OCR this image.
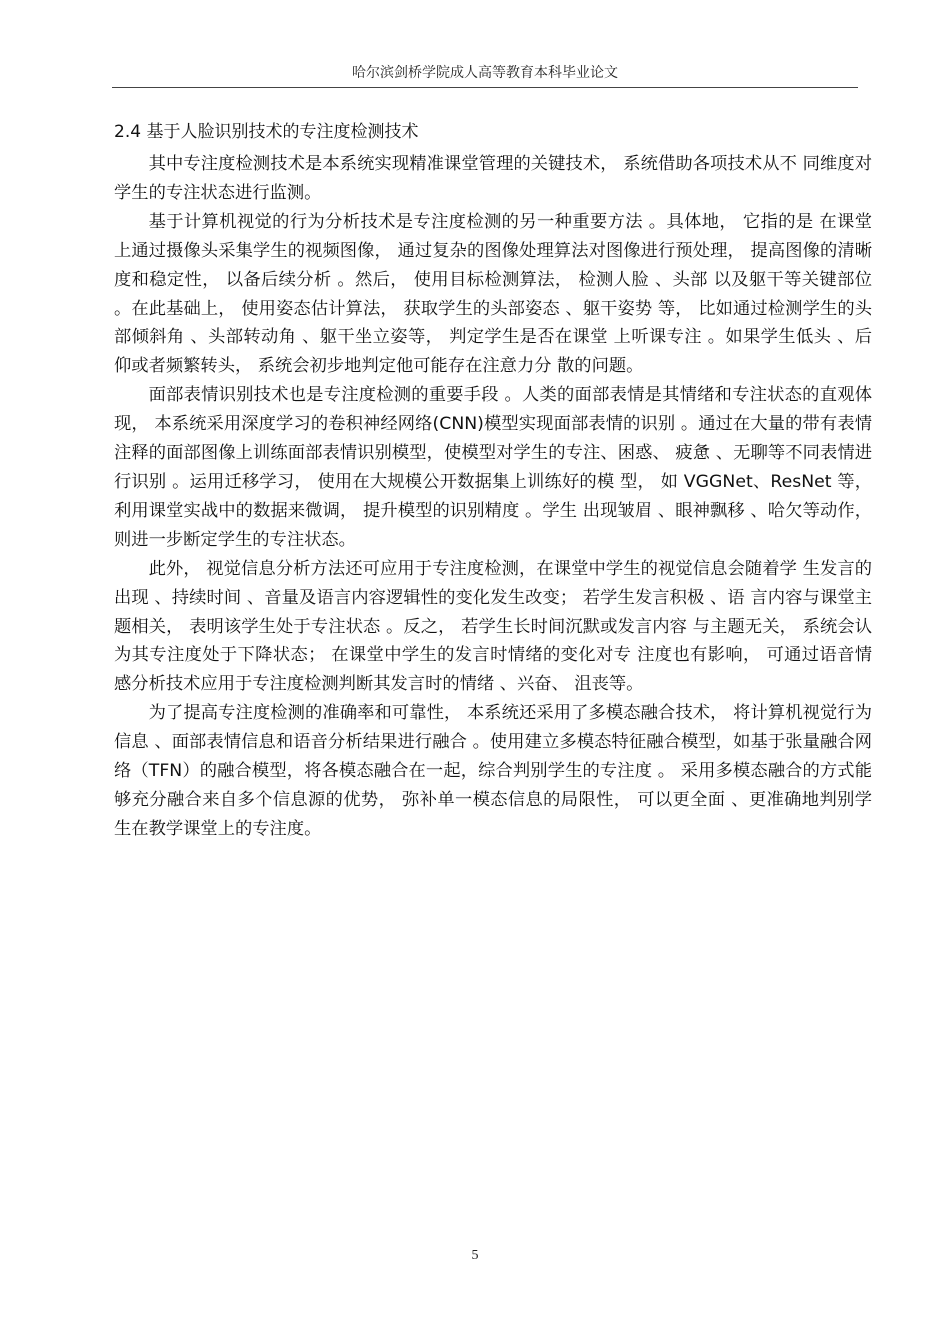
哈尔滨剑桥学院成人高等教育本科毕业论文

2.4 基于人脸识别技术的专注度检测技术

其中专注度检测技术是本系统实现精准课堂管理的关键技术， 系统借助各项技术从不 同维度对学生的专注状态进行监测。

基于计算机视觉的行为分析技术是专注度检测的另一种重要方法 。具体地， 它指的是 在课堂上通过摄像头采集学生的视频图像， 通过复杂的图像处理算法对图像进行预处理， 提高图像的清晰度和稳定性， 以备后续分析 。然后， 使用目标检测算法， 检测人脸 、头部 以及躯干等关键部位 。在此基础上， 使用姿态估计算法， 获取学生的头部姿态 、躯干姿势 等， 比如通过检测学生的头部倾斜角 、头部转动角 、躯干坐立姿等， 判定学生是否在课堂 上听课专注 。如果学生低头 、后仰或者频繁转头， 系统会初步地判定他可能存在注意力分 散的问题。

面部表情识别技术也是专注度检测的重要手段 。人类的面部表情是其情绪和专注状态的直观体现， 本系统采用深度学习的卷积神经网络(CNN)模型实现面部表情的识别 。通过在大量的带有表情注释的面部图像上训练面部表情识别模型，使模型对学生的专注、困惑、 疲惫 、无聊等不同表情进行识别 。运用迁移学习， 使用在大规模公开数据集上训练好的模 型， 如 VGGNet、ResNet 等， 利用课堂实战中的数据来微调， 提升模型的识别精度 。学生 出现皱眉 、眼神飘移 、哈欠等动作， 则进一步断定学生的专注状态。

此外， 视觉信息分析方法还可应用于专注度检测，在课堂中学生的视觉信息会随着学 生发言的出现 、持续时间 、音量及语言内容逻辑性的变化发生改变； 若学生发言积极 、语 言内容与课堂主题相关， 表明该学生处于专注状态 。反之， 若学生长时间沉默或发言内容 与主题无关， 系统会认为其专注度处于下降状态； 在课堂中学生的发言时情绪的变化对专 注度也有影响， 可通过语音情感分析技术应用于专注度检测判断其发言时的情绪 、兴奋、 沮丧等。

为了提高专注度检测的准确率和可靠性， 本系统还采用了多模态融合技术， 将计算机视觉行为信息 、面部表情信息和语音分析结果进行融合 。使用建立多模态特征融合模型，如基于张量融合网络（TFN）的融合模型，将各模态融合在一起，综合判别学生的专注度 。 采用多模态融合的方式能够充分融合来自多个信息源的优势， 弥补单一模态信息的局限性， 可以更全面 、更准确地判别学生在教学课堂上的专注度。

5
